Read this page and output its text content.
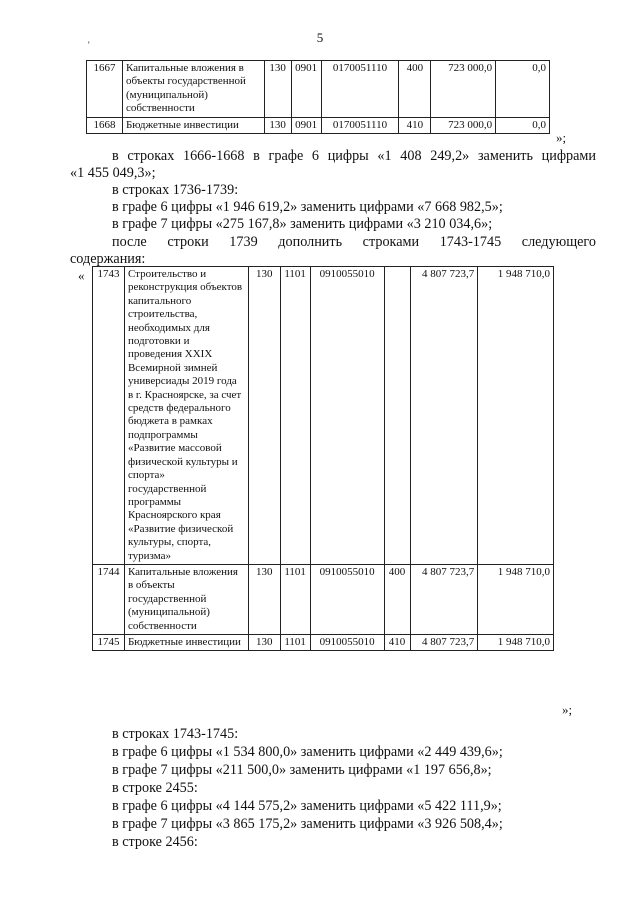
5
'
1667	Капитальные вложения в объекты государственной (муниципальной) собственности	130	0901	0170051110	400	723 000,0	0,0
1668	Бюджетные инвестиции	130	0901	0170051110	410	723 000,0	0,0
»;
в строках 1666-1668 в графе 6 цифры «1 408 249,2» заменить цифрами
«1 455 049,3»;
в строках 1736-1739:
в графе 6 цифры «1 946 619,2» заменить цифрами «7 668 982,5»;
в графе 7 цифры «275 167,8» заменить цифрами «3 210 034,6»;
после строки 1739 дополнить строками 1743-1745 следующего
содержания:
« 1743	Строительство и реконструкция объектов капитального строительства, необходимых для подготовки и проведения XXIX Всемирной зимней универсиады 2019 года в г. Красноярске, за счет средств федерального бюджета в рамках подпрограммы «Развитие массовой физической культуры и спорта» государственной программы Красноярского края «Развитие физической культуры, спорта, туризма»	130	1101	0910055010		4 807 723,7	1 948 710,0
1744	Капитальные вложения в объекты государственной (муниципальной) собственности	130	1101	0910055010	400	4 807 723,7	1 948 710,0
1745	Бюджетные инвестиции	130	1101	0910055010	410	4 807 723,7	1 948 710,0
»;
в строках 1743-1745:
в графе 6 цифры «1 534 800,0» заменить цифрами «2 449 439,6»;
в графе 7 цифры «211 500,0» заменить цифрами «1 197 656,8»;
в строке 2455:
в графе 6 цифры «4 144 575,2» заменить цифрами «5 422 111,9»;
в графе 7 цифры «3 865 175,2» заменить цифрами «3 926 508,4»;
в строке 2456:
